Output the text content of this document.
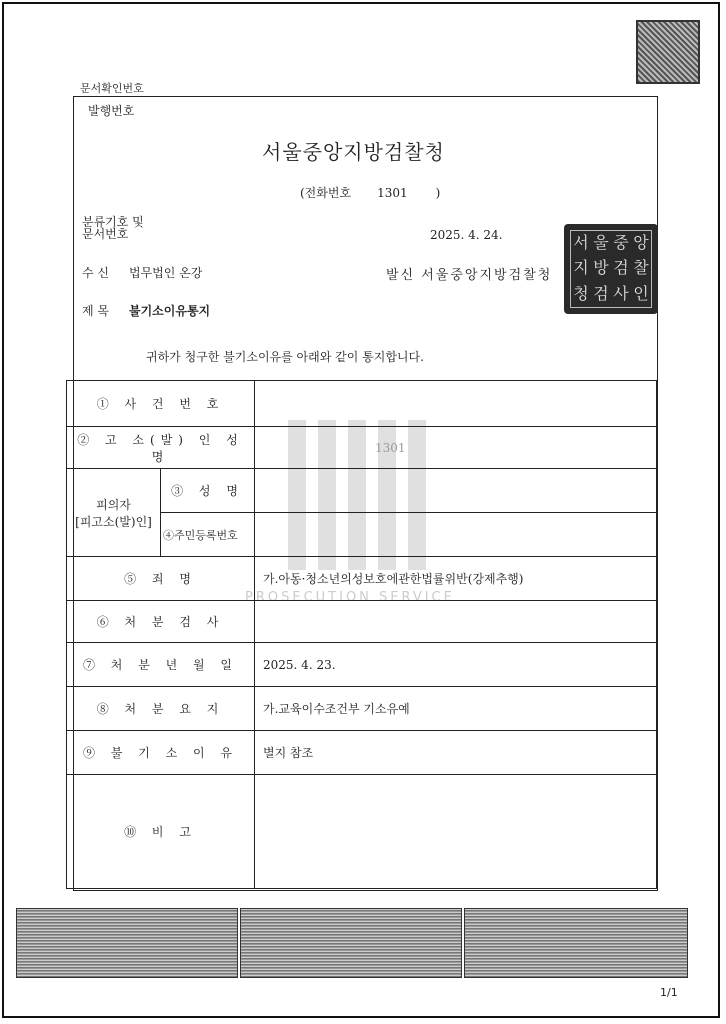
문서확인번호
발행번호
서울중앙지방검찰청
(전화번호 1301 )
분류기호 및
문서번호	2025. 4. 24.
수 신 법무법인 온강	발신 서울중앙지방검찰청
서 울 중 앙
지 방 검 찰
청 검 사 인
제 목 불기소이유통지
귀하가 청구한 불기소이유를 아래와 같이 통지합니다.
PROSECUTION SERVICE
① 사 건 번 호		
② 고 소(발) 인 성 명		1301

피의자
[피고소(발)인]	③ 성 명	
	④주민등록번호	
⑤ 죄 명		가.아동·청소년의성보호에관한법률위반(강제추행)
⑥ 처 분 검 사		
⑦ 처 분 년 월 일		2025. 4. 23.
⑧ 처 분 요 지		가.교육이수조건부 기소유예
⑨ 불 기 소 이 유		별지 참조
⑩ 비 고		
1/1
